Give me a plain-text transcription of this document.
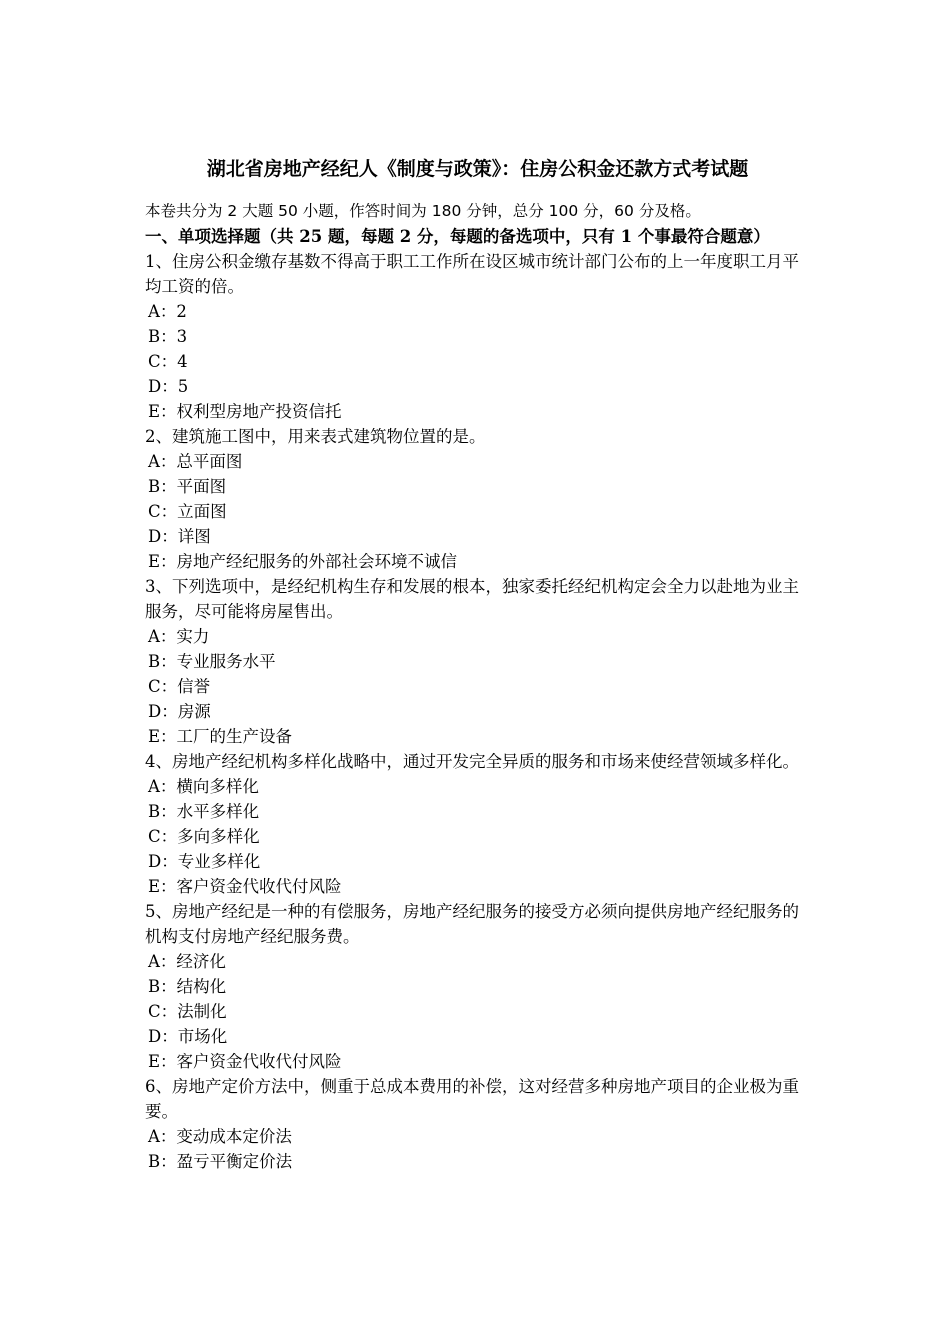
湖北省房地产经纪人《制度与政策》：住房公积金还款方式考试题
本卷共分为 2 大题 50 小题，作答时间为 180 分钟，总分 100 分，60 分及格。
一、单项选择题（共 25 题，每题 2 分，每题的备选项中，只有 1 个事最符合题意）
1、住房公积金缴存基数不得高于职工工作所在设区城市统计部门公布的上一年度职工月平均工资的倍。
A：2
B：3
C：4
D：5
E：权利型房地产投资信托
2、建筑施工图中，用来表式建筑物位置的是。
A：总平面图
B：平面图
C：立面图
D：详图
E：房地产经纪服务的外部社会环境不诚信
3、下列选项中，是经纪机构生存和发展的根本，独家委托经纪机构定会全力以赴地为业主服务，尽可能将房屋售出。
A：实力
B：专业服务水平
C：信誉
D：房源
E：工厂的生产设备
4、房地产经纪机构多样化战略中，通过开发完全异质的服务和市场来使经营领域多样化。
A：横向多样化
B：水平多样化
C：多向多样化
D：专业多样化
E：客户资金代收代付风险
5、房地产经纪是一种的有偿服务，房地产经纪服务的接受方必须向提供房地产经纪服务的机构支付房地产经纪服务费。
A：经济化
B：结构化
C：法制化
D：市场化
E：客户资金代收代付风险
6、房地产定价方法中，侧重于总成本费用的补偿，这对经营多种房地产项目的企业极为重要。
A：变动成本定价法
B：盈亏平衡定价法
